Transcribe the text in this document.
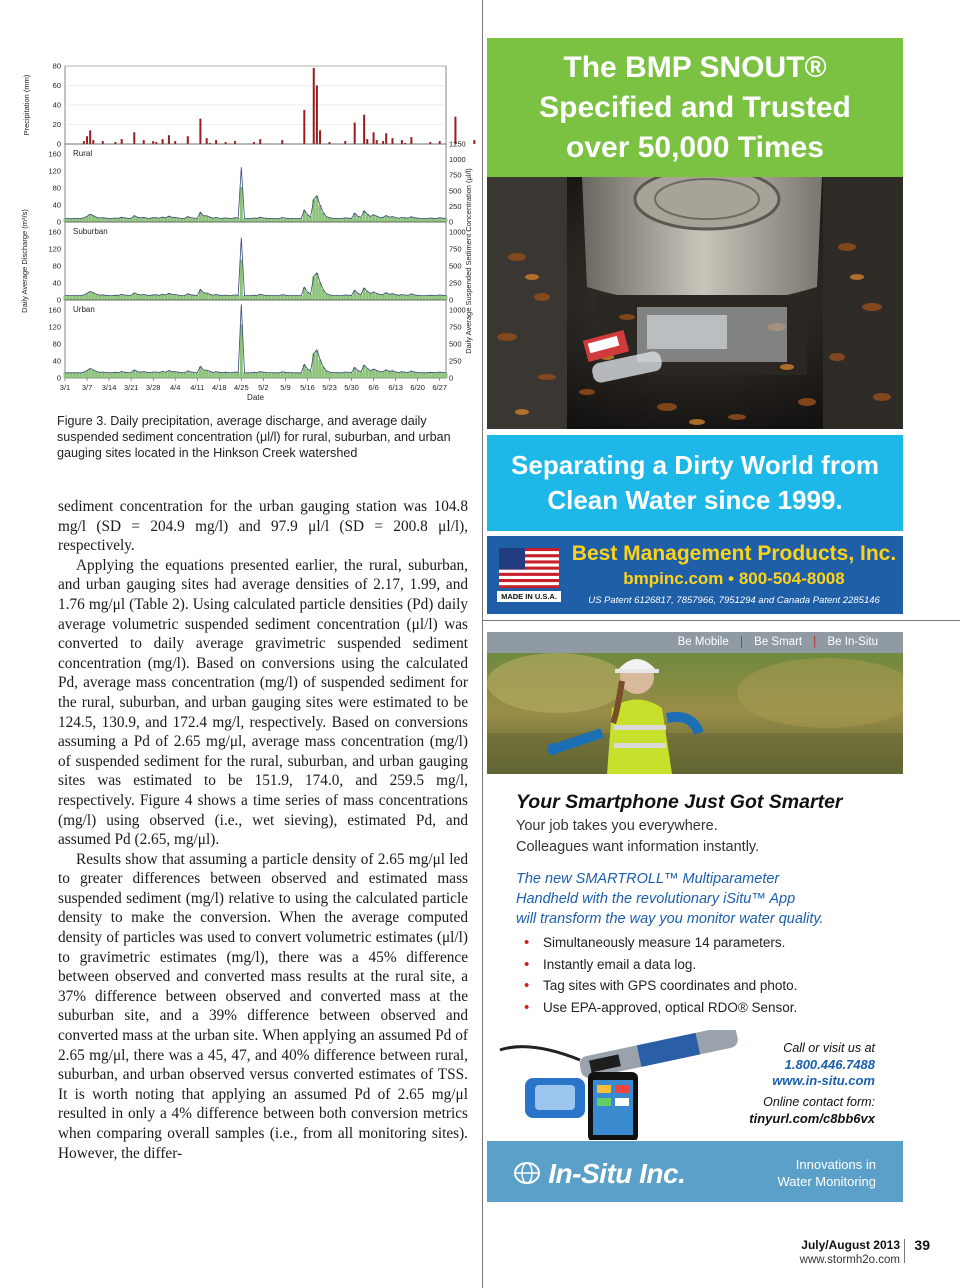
80
60
40
20
0
Precipitation (mm)
Rural
160
120
80
40
0
1250
1000
750
500
250
0
Suburban
160
120
80
40
0
1000
750
500
250
0
Urban
160
120
80
40
0
1000
750
500
250
0
3/1 3/7 3/14 3/21 3/28 4/4 4/11 4/18 4/25 5/2 5/9 5/16 5/23 5/30 6/6 6/13 6/20 6/27
Date
Daily Average Discharge (m³/s)	Daily Average Suspended Sediment Concentration (μl/l)
Figure 3. Daily precipitation, average discharge, and average daily suspended sediment concentration (μl/l) for rural, suburban, and urban gauging sites located in the Hinkson Creek watershed

sediment concentration for the urban gauging station was 104.8 mg/l (SD = 204.9 mg/l) and 97.9 μl/l (SD = 200.8 μl/l), respectively.

Applying the equations presented earlier, the rural, suburban, and urban gauging sites had average densities of 2.17, 1.99, and 1.76 mg/μl (Table 2). Using calculated particle densities (Pd) daily average volumetric suspended sediment concentration (μl/l) was converted to daily average gravimetric suspended sediment concentration (mg/l). Based on conversions using the calculated Pd, average mass concentration (mg/l) of suspended sediment for the rural, suburban, and urban gauging sites were estimated to be 124.5, 130.9, and 172.4 mg/l, respectively. Based on conversions assuming a Pd of 2.65 mg/μl, average mass concentration (mg/l) of suspended sediment for the rural, suburban, and urban gauging sites was estimated to be 151.9, 174.0, and 259.5 mg/l, respectively. Figure 4 shows a time series of mass concentrations (mg/l) using observed (i.e., wet sieving), estimated Pd, and assumed Pd (2.65, mg/μl).

Results show that assuming a particle density of 2.65 mg/μl led to greater differences between observed and estimated mass suspended sediment (mg/l) relative to using the calculated particle density to make the conversion. When the average computed density of particles was used to convert volumetric estimates (μl/l) to gravimetric estimates (mg/l), there was a 45% difference between observed and converted mass results at the rural site, a 37% difference between observed and converted mass at the suburban site, and a 39% difference between observed and converted mass at the urban site. When applying an assumed Pd of 2.65 mg/μl, there was a 45, 47, and 40% difference between rural, suburban, and urban observed versus converted estimates of TSS. It is worth noting that applying an assumed Pd of 2.65 mg/μl resulted in only a 4% difference between both conversion metrics when comparing overall samples (i.e., from all monitoring sites). However, the differ-

The BMP SNOUT®
Specified and Trusted
over 50,000 Times
Separating a Dirty World from
Clean Water since 1999.
MADE IN U.S.A.
Best Management Products, Inc.
bmpinc.com • 800-504-8008
US Patent 6126817, 7857966, 7951294 and Canada Patent 2285146
Be Mobile | Be Smart | Be In-Situ
Your Smartphone Just Got Smarter
Your job takes you everywhere.
Colleagues want information instantly.
The new SMARTROLL™ Multiparameter
Handheld with the revolutionary iSitu™ App
will transform the way you monitor water quality.
• Simultaneously measure 14 parameters.
• Instantly email a data log.
• Tag sites with GPS coordinates and photo.
• Use EPA-approved, optical RDO® Sensor.
Call or visit us at
1.800.446.7488
www.in-situ.com
Online contact form:
tinyurl.com/c8bb6vx
In-Situ Inc.	Innovations in
Water Monitoring
July/August 2013 39
www.stormh2o.com
